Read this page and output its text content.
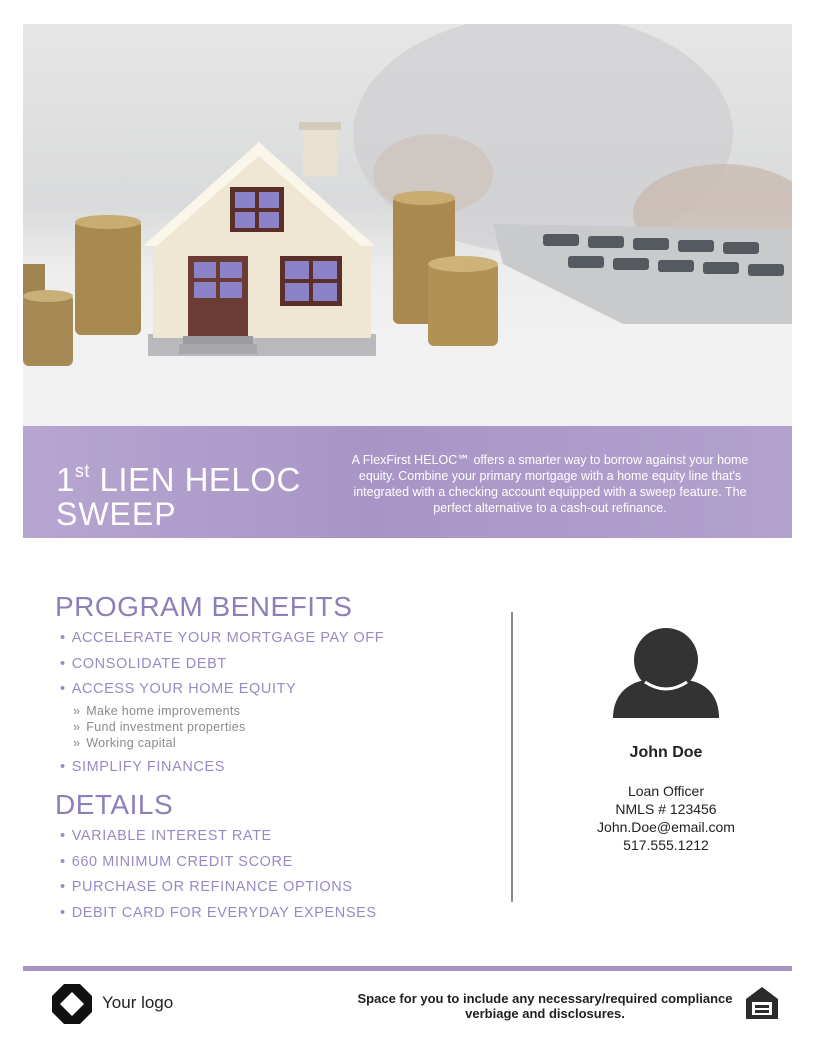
1st LIEN HELOC
SWEEP
A FlexFirst HELOC℠ offers a smarter way to borrow against your home equity. Combine your primary mortgage with a home equity line that's integrated with a checking account equipped with a sweep feature. The perfect alternative to a cash-out refinance.
PROGRAM BENEFITS
• ACCELERATE YOUR MORTGAGE PAY OFF
• CONSOLIDATE DEBT
• ACCESS YOUR HOME EQUITY
» Make home improvements
» Fund investment properties
» Working capital
• SIMPLIFY FINANCES
DETAILS
• VARIABLE INTEREST RATE
• 660 MINIMUM CREDIT SCORE
• PURCHASE OR REFINANCE OPTIONS
• DEBIT CARD FOR EVERYDAY EXPENSES
John Doe
Loan Officer
NMLS # 123456
John.Doe@email.com
517.555.1212
Your logo	Space for you to include any necessary/required compliance verbiage and disclosures.
